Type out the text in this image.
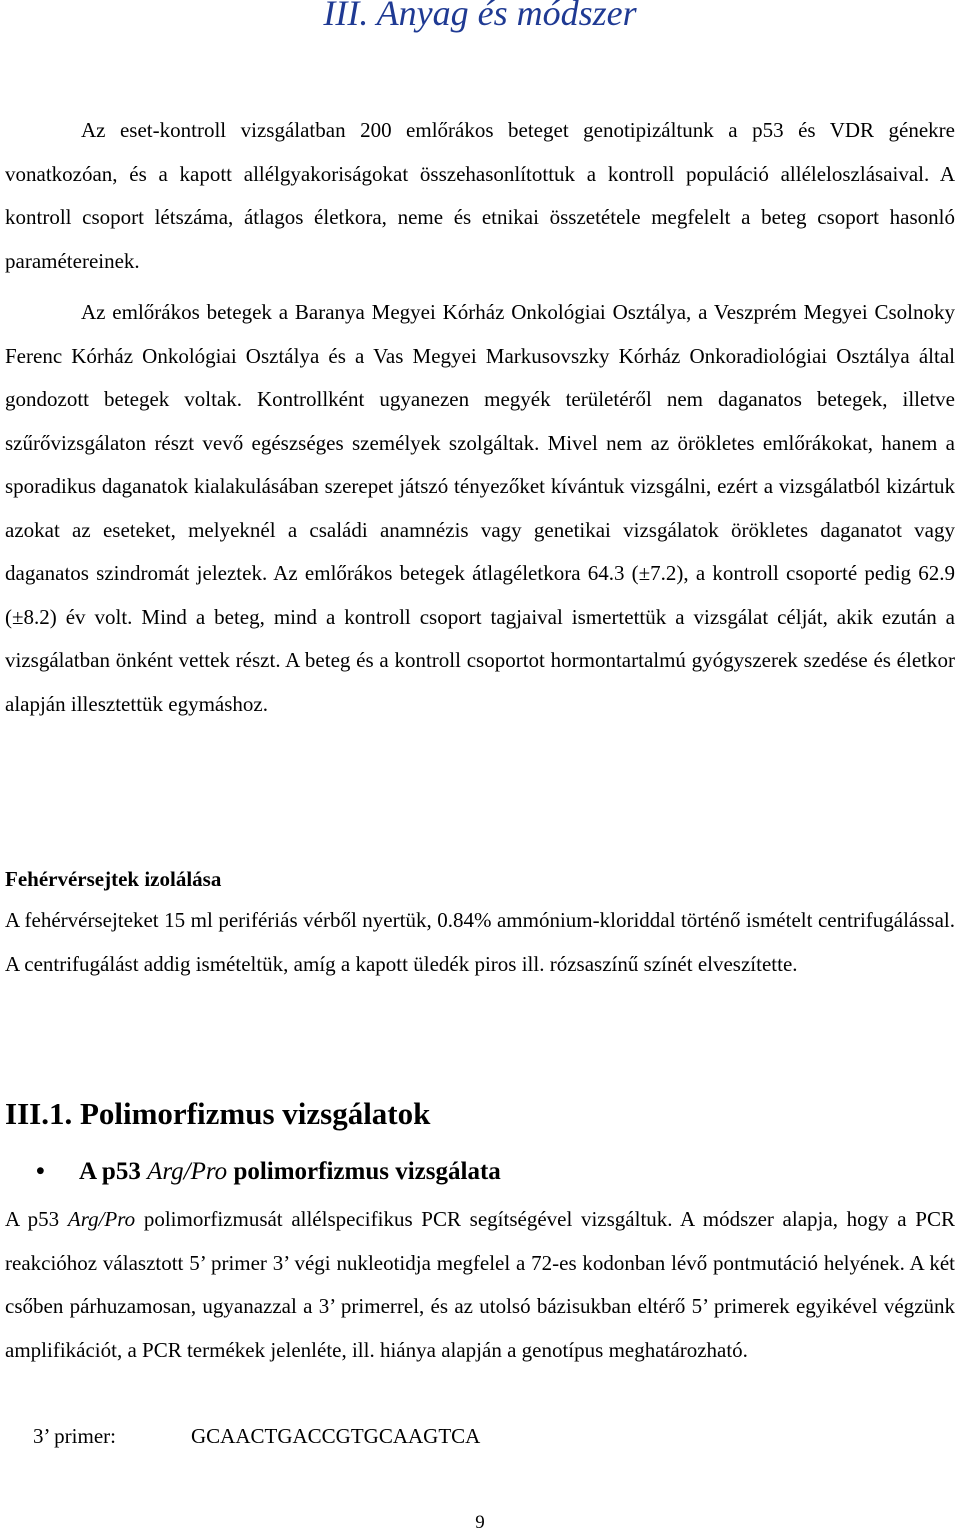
III. Anyag és módszer

Az eset-kontroll vizsgálatban 200 emlőrákos beteget genotipizáltunk a p53 és VDR génekre vonatkozóan, és a kapott allélgyakoriságokat összehasonlítottuk a kontroll populáció alléleloszlásaival. A kontroll csoport létszáma, átlagos életkora, neme és etnikai összetétele megfelelt a beteg csoport hasonló paramétereinek.

Az emlőrákos betegek a Baranya Megyei Kórház Onkológiai Osztálya, a Veszprém Megyei Csolnoky Ferenc Kórház Onkológiai Osztálya és a Vas Megyei Markusovszky Kórház Onkoradiológiai Osztálya által gondozott betegek voltak. Kontrollként ugyanezen megyék területéről nem daganatos betegek, illetve szűrővizsgálaton részt vevő egészséges személyek szolgáltak. Mivel nem az örökletes emlőrákokat, hanem a sporadikus daganatok kialakulásában szerepet játszó tényezőket kívántuk vizsgálni, ezért a vizsgálatból kizártuk azokat az eseteket, melyeknél a családi anamnézis vagy genetikai vizsgálatok örökletes daganatot vagy daganatos szindromát jeleztek. Az emlőrákos betegek átlagéletkora 64.3 (±7.2), a kontroll csoporté pedig 62.9 (±8.2) év volt. Mind a beteg, mind a kontroll csoport tagjaival ismertettük a vizsgálat célját, akik ezután a vizsgálatban önként vettek részt. A beteg és a kontroll csoportot hormontartalmú gyógyszerek szedése és életkor alapján illesztettük egymáshoz.

Fehérvérsejtek izolálása

A fehérvérsejteket 15 ml perifériás vérből nyertük, 0.84% ammónium-kloriddal történő ismételt centrifugálással. A centrifugálást addig ismételtük, amíg a kapott üledék piros ill. rózsaszínű színét elveszítette.

III.1. Polimorfizmus vizsgálatok
• A p53 Arg/Pro polimorfizmus vizsgálata

A p53 Arg/Pro polimorfizmusát allélspecifikus PCR segítségével vizsgáltuk. A módszer alapja, hogy a PCR reakcióhoz választott 5’ primer 3’ végi nukleotidja megfelel a 72-es kodonban lévő pontmutáció helyének. A két csőben párhuzamosan, ugyanazzal a 3’ primerrel, és az utolsó bázisukban eltérő 5’ primerek egyikével végzünk amplifikációt, a PCR termékek jelenléte, ill. hiánya alapján a genotípus meghatározható.

3’ primer:	GCAACTGACCGTGCAAGTCA
9
